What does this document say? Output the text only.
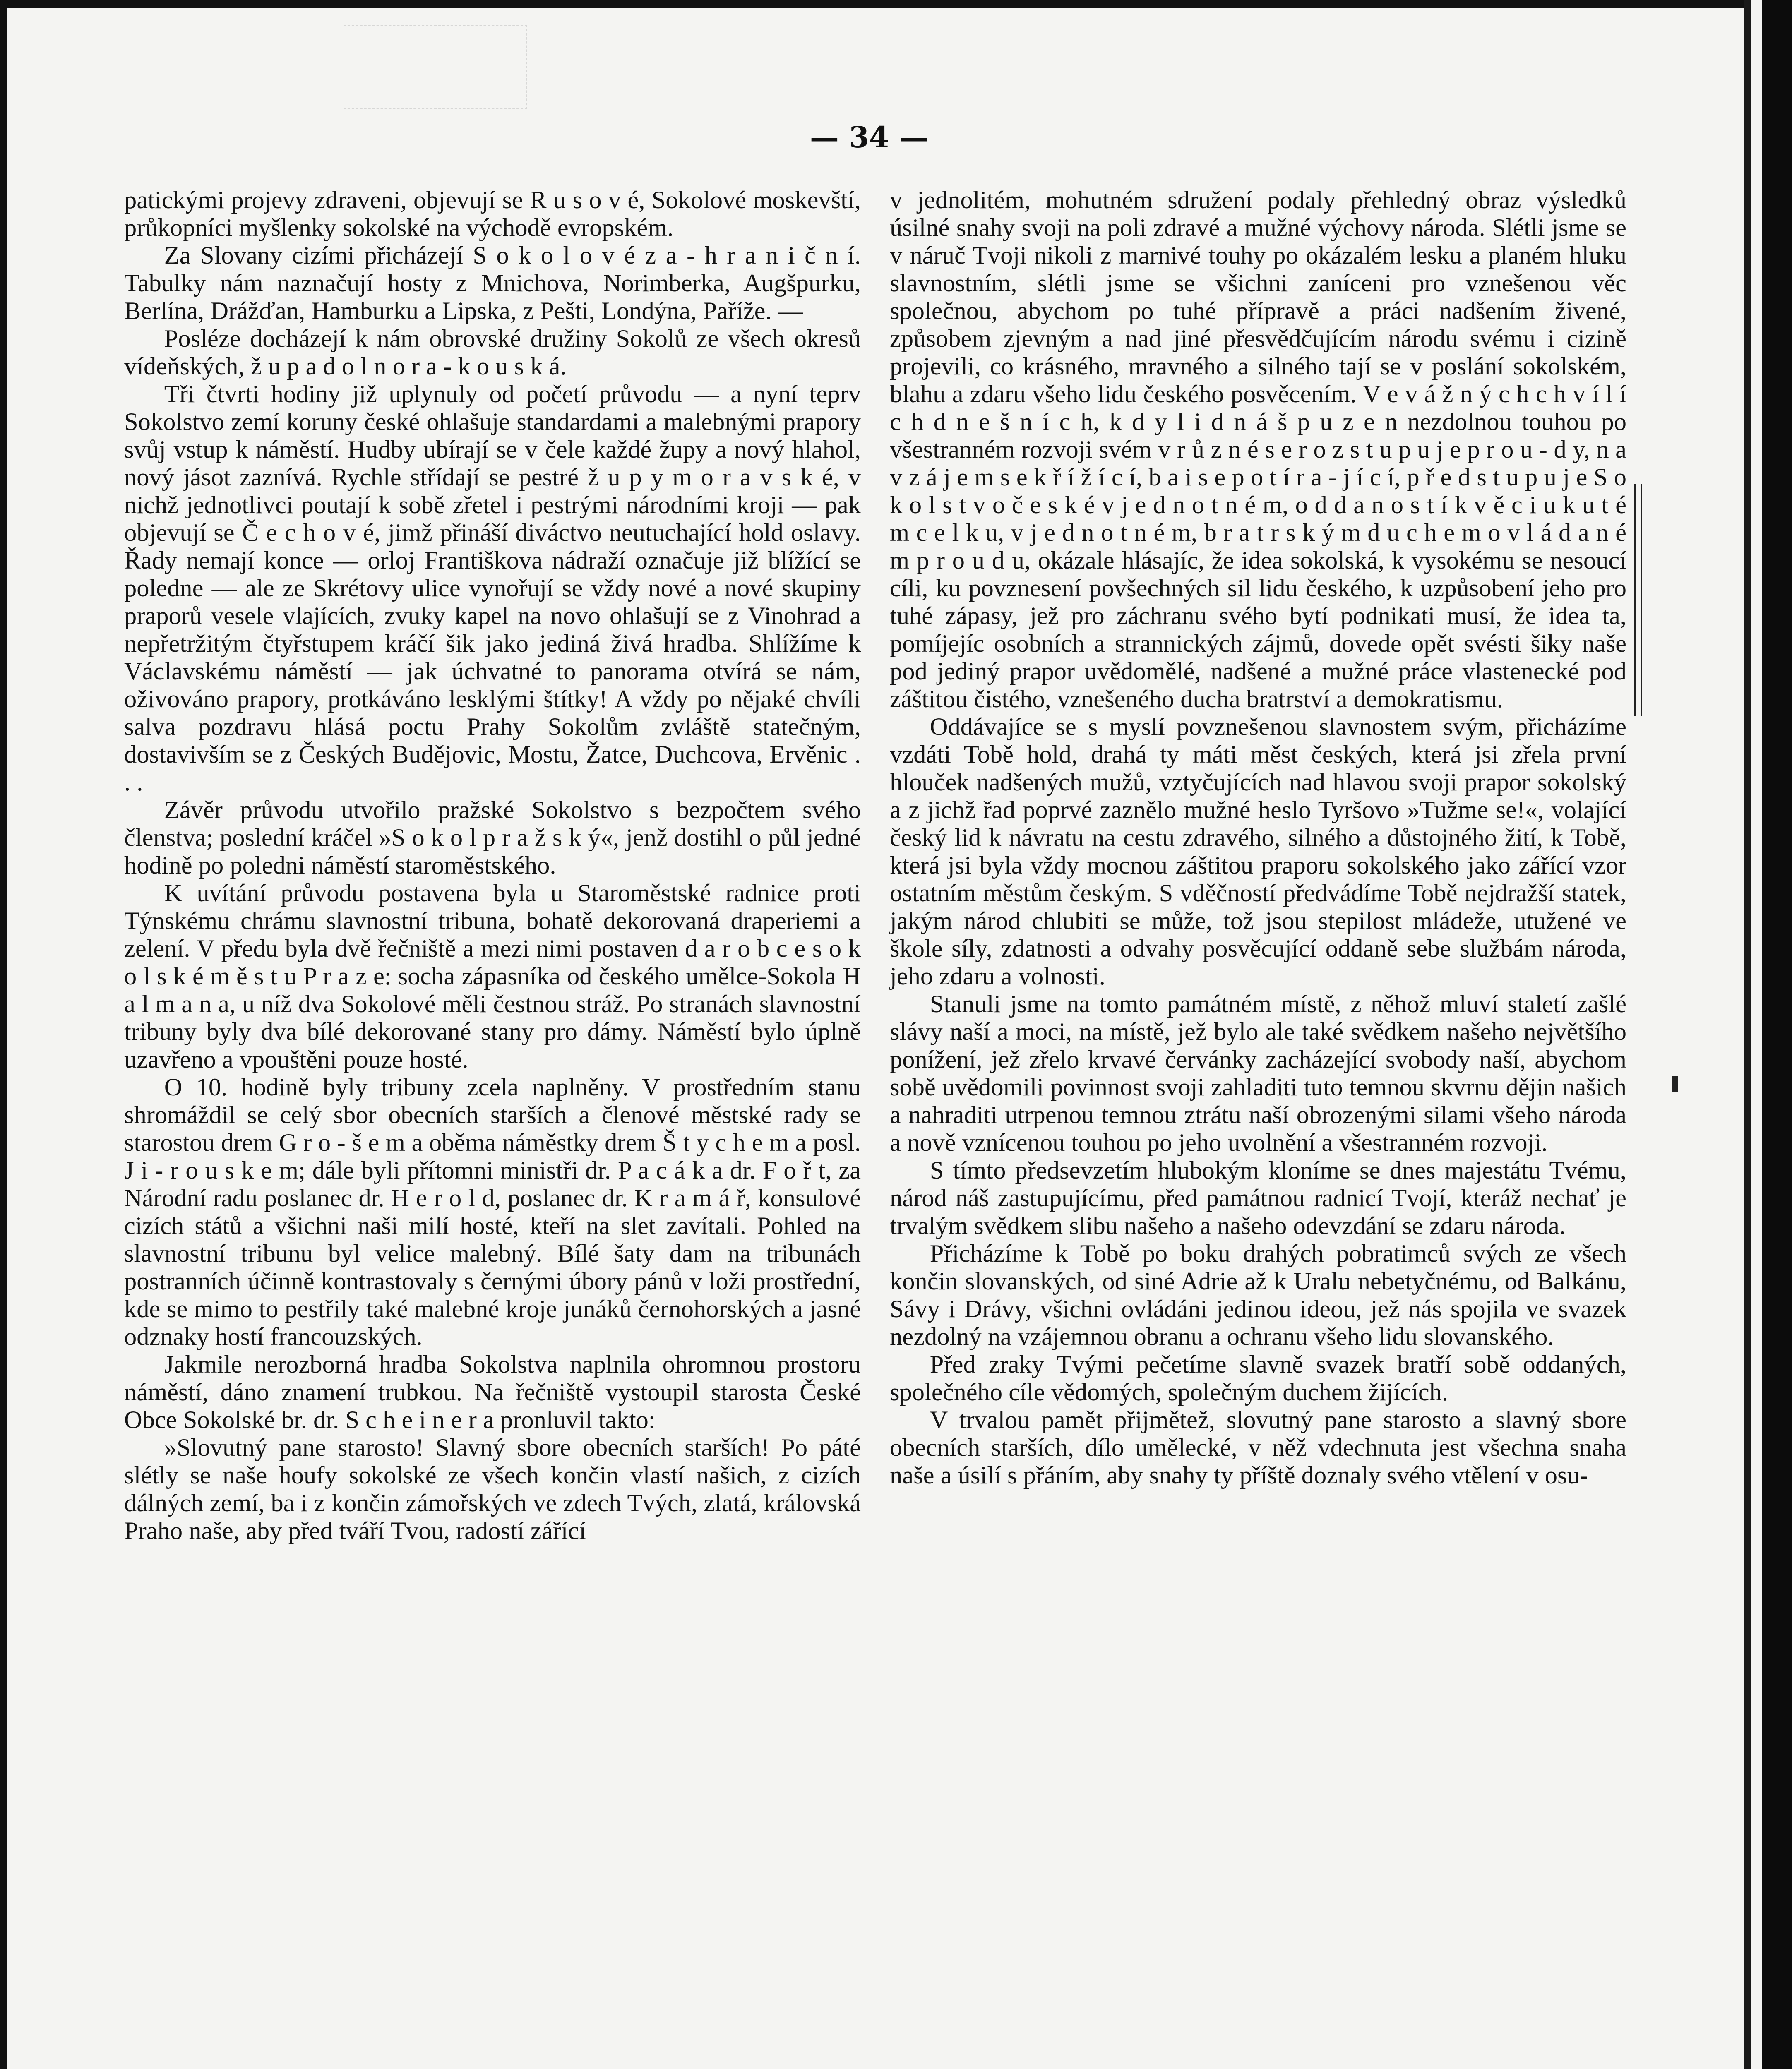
— 34 —

patickými projevy zdraveni, objevují se R u s o v é, Sokolové moskevští, průkopníci myšlenky sokolské na východě evropském.

Za Slovany cizími přicházejí S o k o l o v é z a - h r a n i č n í. Tabulky nám naznačují hosty z Mnichova, Norimberka, Augšpurku, Berlína, Drážďan, Hamburku a Lipska, z Pešti, Londýna, Paříže. —

Posléze docházejí k nám obrovské družiny Sokolů ze všech okresů vídeňských, ž u p a d o l n o r a - k o u s k á.

Tři čtvrti hodiny již uplynuly od početí průvodu — a nyní teprv Sokolstvo zemí koruny české ohlašuje standardami a malebnými prapory svůj vstup k náměstí. Hudby ubírají se v čele každé župy a nový hlahol, nový jásot zaznívá. Rychle střídají se pestré ž u p y m o r a v s k é, v nichž jednotlivci poutají k sobě zřetel i pestrými národními kroji — pak objevují se Č e c h o v é, jimž přináší diváctvo neutuchající hold oslavy. Řady nemají konce — orloj Františkova nádraží označuje již blížící se poledne — ale ze Skrétovy ulice vynořují se vždy nové a nové skupiny praporů vesele vlajících, zvuky kapel na novo ohlašují se z Vinohrad a nepřetržitým čtyřstupem kráčí šik jako jediná živá hradba. Shlížíme k Václavskému náměstí — jak úchvatné to panorama otvírá se nám, oživováno prapory, protkáváno lesklými štítky! A vždy po nějaké chvíli salva pozdravu hlásá poctu Prahy Sokolům zvláště statečným, dostavivším se z Českých Budějovic, Mostu, Žatce, Duchcova, Ervěnic . . .

Závěr průvodu utvořilo pražské Sokolstvo s bezpočtem svého členstva; poslední kráčel »S o k o l p r a ž s k ý«, jenž dostihl o půl jedné hodině po poledni náměstí staroměstského.

K uvítání průvodu postavena byla u Staroměstské radnice proti Týnskému chrámu slavnostní tribuna, bohatě dekorovaná draperiemi a zelení. V předu byla dvě řečniště a mezi nimi postaven d a r o b c e s o k o l s k é m ě s t u P r a z e: socha zápasníka od českého umělce-Sokola H a l m a n a, u níž dva Sokolové měli čestnou stráž. Po stranách slavnostní tribuny byly dva bílé dekorované stany pro dámy. Náměstí bylo úplně uzavřeno a vpouštěni pouze hosté.

O 10. hodině byly tribuny zcela naplněny. V prostředním stanu shromáždil se celý sbor obecních starších a členové městské rady se starostou drem G r o - š e m a oběma náměstky drem Š t y c h e m a posl. J i - r o u s k e m; dále byli přítomni ministři dr. P a c á k a dr. F o ř t, za Národní radu poslanec dr. H e r o l d, poslanec dr. K r a m á ř, konsulové cizích států a všichni naši milí hosté, kteří na slet zavítali. Pohled na slavnostní tribunu byl velice malebný. Bílé šaty dam na tribunách postranních účinně kontrastovaly s černými úbory pánů v loži prostřední, kde se mimo to pestřily také malebné kroje junáků černohorských a jasné odznaky hostí francouzských.

Jakmile nerozborná hradba Sokolstva naplnila ohromnou prostoru náměstí, dáno znamení trubkou. Na řečniště vystoupil starosta České Obce Sokolské br. dr. S c h e i n e r a pronluvil takto:

»Slovutný pane starosto! Slavný sbore obecních starších! Po páté slétly se naše houfy sokolské ze všech končin vlastí našich, z cizích dálných zemí, ba i z končin zámořských ve zdech Tvých, zlatá, královská Praho naše, aby před tváří Tvou, radostí zářící

v jednolitém, mohutném sdružení podaly přehledný obraz výsledků úsilné snahy svoji na poli zdravé a mužné výchovy národa. Slétli jsme se v náruč Tvoji nikoli z marnivé touhy po okázalém lesku a planém hluku slavnostním, slétli jsme se všichni zaníceni pro vznešenou věc společnou, abychom po tuhé přípravě a práci nadšením živené, způsobem zjevným a nad jiné přesvědčujícím národu svému i cizině projevili, co krásného, mravného a silného tají se v poslání sokolském, blahu a zdaru všeho lidu českého posvěcením. V e v á ž n ý c h c h v í l í c h d n e š n í c h, k d y l i d n á š p u z e n nezdolnou touhou po všestranném rozvoji svém v r ů z n é s e r o z s t u p u j e p r o u - d y, n a v z á j e m s e k ř í ž í c í, b a i s e p o t í r a - j í c í, p ř e d s t u p u j e S o k o l s t v o č e s k é v j e d n o t n é m, o d d a n o s t í k v ě c i u k u t é m c e l k u, v j e d n o t n é m, b r a t r s k ý m d u c h e m o v l á d a n é m p r o u d u, okázale hlásajíc, že idea sokolská, k vysokému se nesoucí cíli, ku povznesení povšechných sil lidu českého, k uzpůsobení jeho pro tuhé zápasy, jež pro záchranu svého bytí podnikati musí, že idea ta, pomíjejíc osobních a strannických zájmů, dovede opět svésti šiky naše pod jediný prapor uvědomělé, nadšené a mužné práce vlastenecké pod záštitou čistého, vznešeného ducha bratrství a demokratismu.

Oddávajíce se s myslí povznešenou slavnostem svým, přicházíme vzdáti Tobě hold, drahá ty máti měst českých, která jsi zřela první hlouček nadšených mužů, vztyčujících nad hlavou svoji prapor sokolský a z jichž řad poprvé zaznělo mužné heslo Tyršovo »Tužme se!«, volající český lid k návratu na cestu zdravého, silného a důstojného žití, k Tobě, která jsi byla vždy mocnou záštitou praporu sokolského jako zářící vzor ostatním městům českým. S vděčností předvádíme Tobě nejdražší statek, jakým národ chlubiti se může, tož jsou stepilost mládeže, utužené ve škole síly, zdatnosti a odvahy posvěcující oddaně sebe službám národa, jeho zdaru a volnosti.

Stanuli jsme na tomto památném místě, z něhož mluví staletí zašlé slávy naší a moci, na místě, jež bylo ale také svědkem našeho největšího ponížení, jež zřelo krvavé červánky zacházející svobody naší, abychom sobě uvědomili povinnost svoji zahladiti tuto temnou skvrnu dějin našich a nahraditi utrpenou temnou ztrátu naší obrozenými silami všeho národa a nově vznícenou touhou po jeho uvolnění a všestranném rozvoji.

S tímto předsevzetím hlubokým kloníme se dnes majestátu Tvému, národ náš zastupujícímu, před památnou radnicí Tvojí, kteráž nechať je trvalým svědkem slibu našeho a našeho odevzdání se zdaru národa.

Přicházíme k Tobě po boku drahých pobratimců svých ze všech končin slovanských, od siné Adrie až k Uralu nebetyčnému, od Balkánu, Sávy i Drávy, všichni ovládáni jedinou ideou, jež nás spojila ve svazek nezdolný na vzájemnou obranu a ochranu všeho lidu slovanského.

Před zraky Tvými pečetíme slavně svazek bratří sobě oddaných, společného cíle vědomých, společným duchem žijících.

V trvalou pamět přijmětež, slovutný pane starosto a slavný sbore obecních starších, dílo umělecké, v něž vdechnuta jest všechna snaha naše a úsilí s přáním, aby snahy ty příště doznaly svého vtělení v osu-
